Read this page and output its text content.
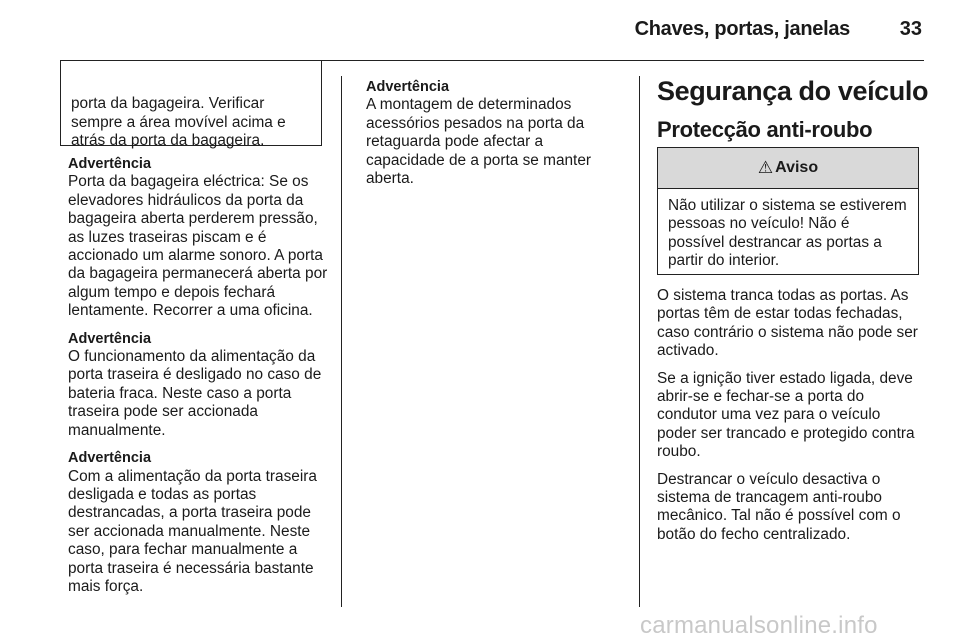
Chaves, portas, janelas	33

porta da bagageira. Verificar sempre a área movível acima e atrás da porta da bagageira.

Advertência

Porta da bagageira eléctrica: Se os elevadores hidráulicos da porta da bagageira aberta perderem pressão, as luzes traseiras piscam e é accionado um alarme sonoro. A porta da bagageira permanecerá aberta por algum tempo e depois fechará lentamente. Recorrer a uma oficina.

Advertência

O funcionamento da alimentação da porta traseira é desligado no caso de bateria fraca. Neste caso a porta traseira pode ser accionada manualmente.

Advertência

Com a alimentação da porta traseira desligada e todas as portas destrancadas, a porta traseira pode ser accionada manualmente. Neste caso, para fechar manualmente a porta traseira é necessária bastante mais força.

Advertência

A montagem de determinados acessórios pesados na porta da retaguarda pode afectar a capacidade de a porta se manter aberta.

Segurança do veículo
Protecção anti-roubo
⚠ Aviso

Não utilizar o sistema se estiverem pessoas no veículo! Não é possível destrancar as portas a partir do interior.

O sistema tranca todas as portas. As portas têm de estar todas fechadas, caso contrário o sistema não pode ser activado.

Se a ignição tiver estado ligada, deve abrir-se e fechar-se a porta do condutor uma vez para o veículo poder ser trancado e protegido contra roubo.

Destrancar o veículo desactiva o sistema de trancagem anti-roubo mecânico. Tal não é possível com o botão do fecho centralizado.

carmanualsonline.info
